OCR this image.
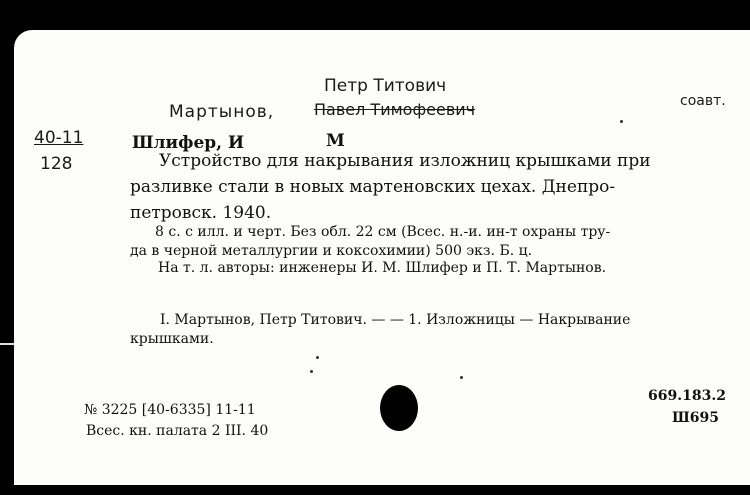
Петр Титович
Мартынов, Павел Тимофеевич	соавт.
40-11
128
Шлифер, И	М
Устройство для накрывания изложниц крышками при
разливке стали в новых мартеновских цехах. Днепро-
петровск. 1940.
8 с. с илл. и черт. Без обл. 22 см (Всес. н.-и. ин-т охраны тру-
да в черной металлургии и коксохимии) 500 экз. Б. ц.
На т. л. авторы: инженеры И. М. Шлифер и П. Т. Мартынов.
I. Мартынов, Петр Титович. — — 1. Изложницы — Накрывание
крышками.
№ 3225 [40-6335] 11-11
Всес. кн. палата 2 III. 40
669.183.2
Ш695
